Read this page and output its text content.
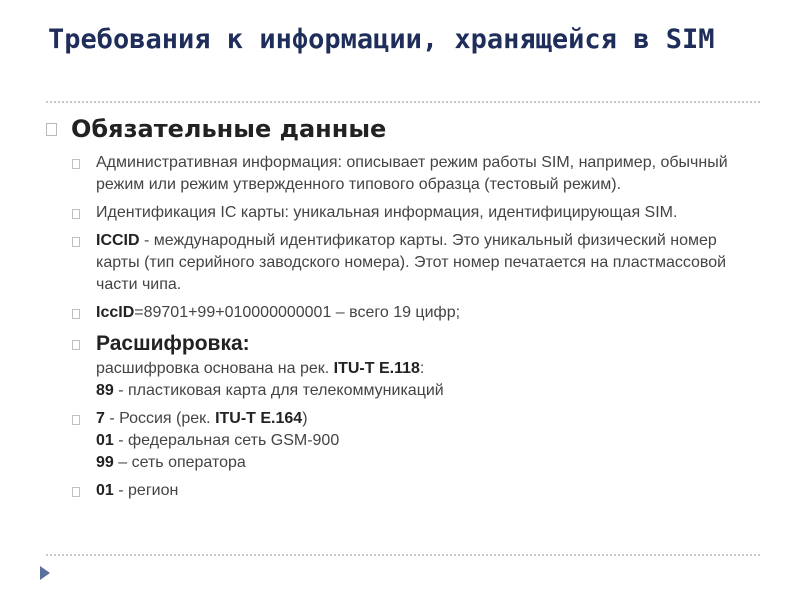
Требования к информации, хранящейся в SIM
Обязательные данные
Административная информация: описывает режим работы SIM, например, обычный режим или режим утвержденного типового образца (тестовый режим).
Идентификация IC карты: уникальная информация, идентифицирующая SIM.
ICCID - международный идентификатор карты. Это уникальный физический номер карты (тип серийного заводского номера). Этот номер печатается на пластмассовой части чипа.
IccID=89701+99+010000000001 – всего 19 цифр;
Расшифровка:
расшифровка основана на рек. ITU-T E.118:
89 - пластиковая карта для телекоммуникаций
7 - Россия (рек. ITU-T E.164)
01 - федеральная сеть GSM-900
99 – сеть оператора
01 - регион
